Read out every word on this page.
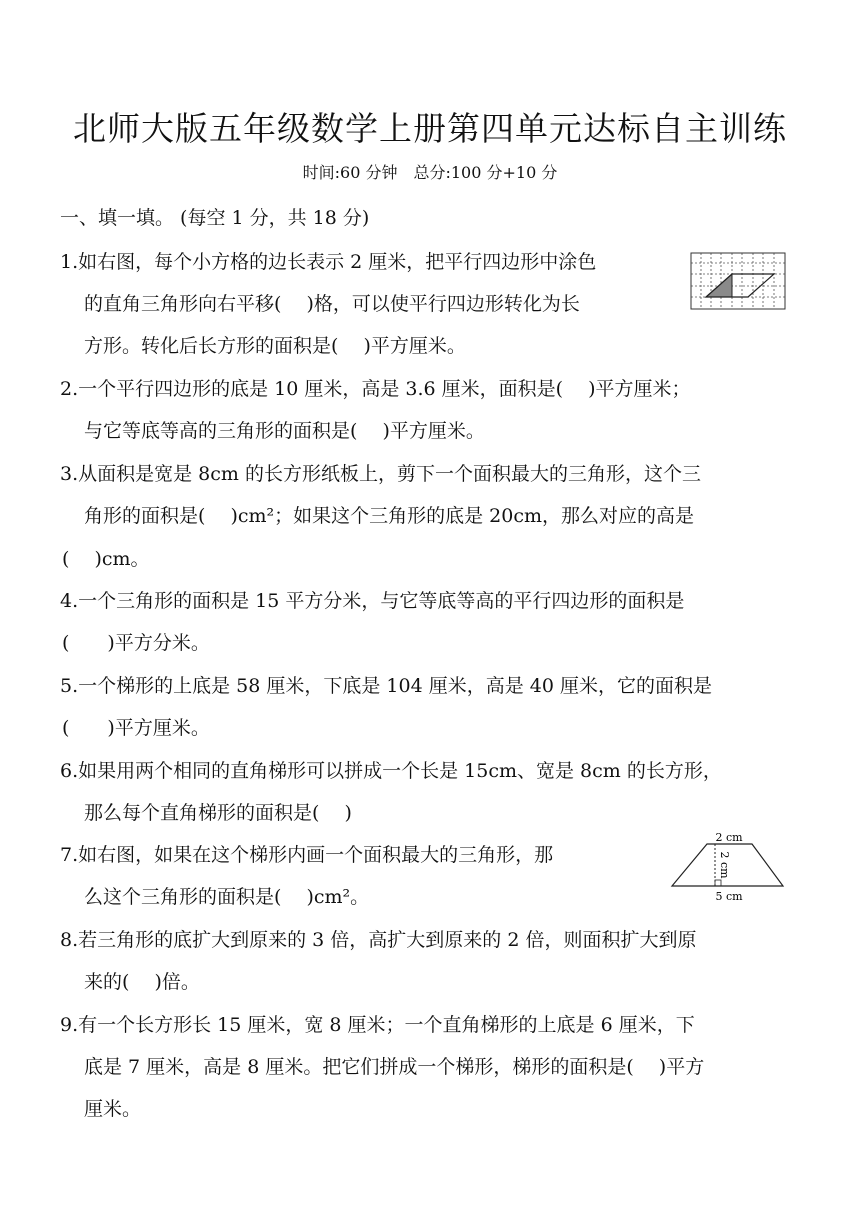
北师大版五年级数学上册第四单元达标自主训练
时间:60 分钟　总分:100 分+10 分
一、填一填。 (每空 1 分，共 18 分)
1.如右图，每个小方格的边长表示 2 厘米，把平行四边形中涂色
的直角三角形向右平移(　 )格，可以使平行四边形转化为长
方形。转化后长方形的面积是(　 )平方厘米。
2.一个平行四边形的底是 10 厘米，高是 3.6 厘米，面积是(　 )平方厘米；
与它等底等高的三角形的面积是(　 )平方厘米。
3.从面积是宽是 8cm 的长方形纸板上，剪下一个面积最大的三角形，这个三
角形的面积是(　 )cm²；如果这个三角形的底是 20cm，那么对应的高是
(　 )cm。
4.一个三角形的面积是 15 平方分米，与它等底等高的平行四边形的面积是
(　　)平方分米。
5.一个梯形的上底是 58 厘米，下底是 104 厘米，高是 40 厘米，它的面积是
(　　)平方厘米。
6.如果用两个相同的直角梯形可以拼成一个长是 15cm、宽是 8cm 的长方形，
那么每个直角梯形的面积是(　 )
7.如右图，如果在这个梯形内画一个面积最大的三角形，那
么这个三角形的面积是(　 )cm²。
8.若三角形的底扩大到原来的 3 倍，高扩大到原来的 2 倍，则面积扩大到原
来的(　 )倍。
9.有一个长方形长 15 厘米，宽 8 厘米；一个直角梯形的上底是 6 厘米，下
底是 7 厘米，高是 8 厘米。把它们拼成一个梯形，梯形的面积是(　 )平方
厘米。
2 cm
2 cm
5 cm
